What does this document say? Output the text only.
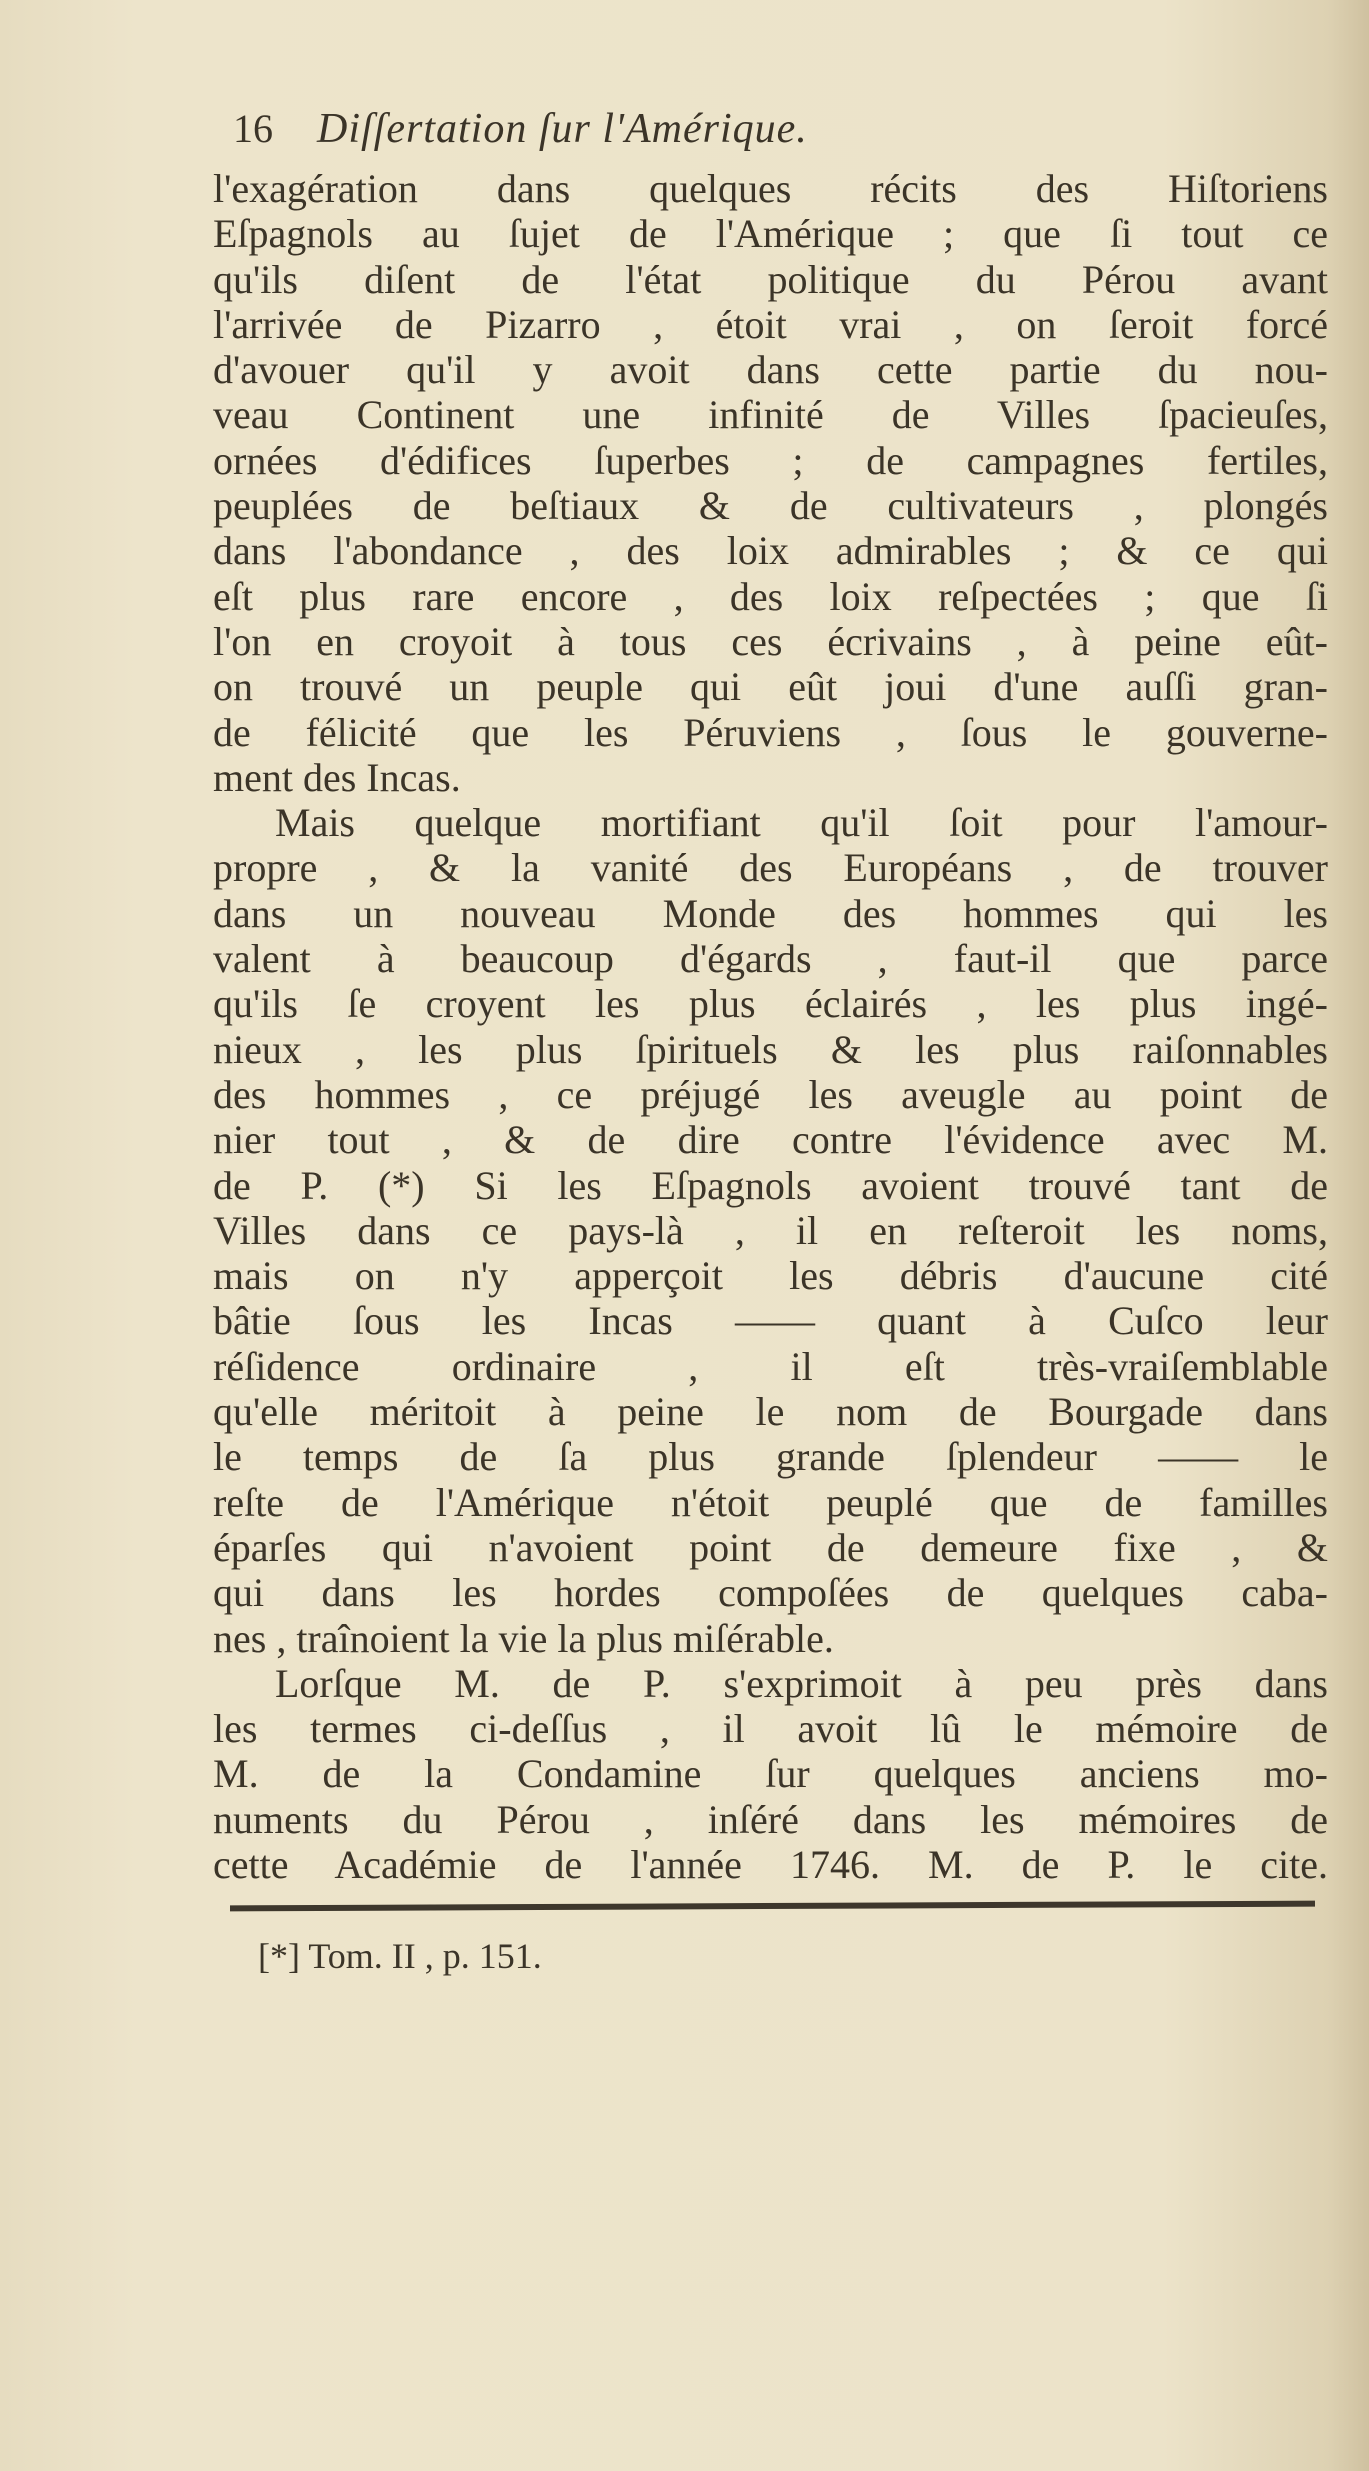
16 Diſſertation ſur l'Amérique.
l'exagération dans quelques récits des Hiſtoriens
Eſpagnols au ſujet de l'Amérique ; que ſi tout ce
qu'ils diſent de l'état politique du Pérou avant
l'arrivée de Pizarro , étoit vrai , on ſeroit forcé
d'avouer qu'il y avoit dans cette partie du nou-
veau Continent une infinité de Villes ſpacieuſes,
ornées d'édifices ſuperbes ; de campagnes fertiles,
peuplées de beſtiaux & de cultivateurs , plongés
dans l'abondance , des loix admirables ; & ce qui
eſt plus rare encore , des loix reſpectées ; que ſi
l'on en croyoit à tous ces écrivains , à peine eût-
on trouvé un peuple qui eût joui d'une auſſi gran-
de félicité que les Péruviens , ſous le gouverne-
ment des Incas.
Mais quelque mortifiant qu'il ſoit pour l'amour-
propre , & la vanité des Européans , de trouver
dans un nouveau Monde des hommes qui les
valent à beaucoup d'égards , faut-il que parce
qu'ils ſe croyent les plus éclairés , les plus ingé-
nieux , les plus ſpirituels & les plus raiſonnables
des hommes , ce préjugé les aveugle au point de
nier tout , & de dire contre l'évidence avec M.
de P. (*) Si les Eſpagnols avoient trouvé tant de
Villes dans ce pays-là , il en reſteroit les noms,
mais on n'y apperçoit les débris d'aucune cité
bâtie ſous les Incas —— quant à Cuſco leur
réſidence ordinaire , il eſt très-vraiſemblable
qu'elle méritoit à peine le nom de Bourgade dans
le temps de ſa plus grande ſplendeur —— le
reſte de l'Amérique n'étoit peuplé que de familles
éparſes qui n'avoient point de demeure fixe , &
qui dans les hordes compoſées de quelques caba-
nes , traînoient la vie la plus miſérable.
Lorſque M. de P. s'exprimoit à peu près dans
les termes ci-deſſus , il avoit lû le mémoire de
M. de la Condamine ſur quelques anciens mo-
numents du Pérou , inſéré dans les mémoires de
cette Académie de l'année 1746. M. de P. le cite.
[*] Tom. II , p. 151.
